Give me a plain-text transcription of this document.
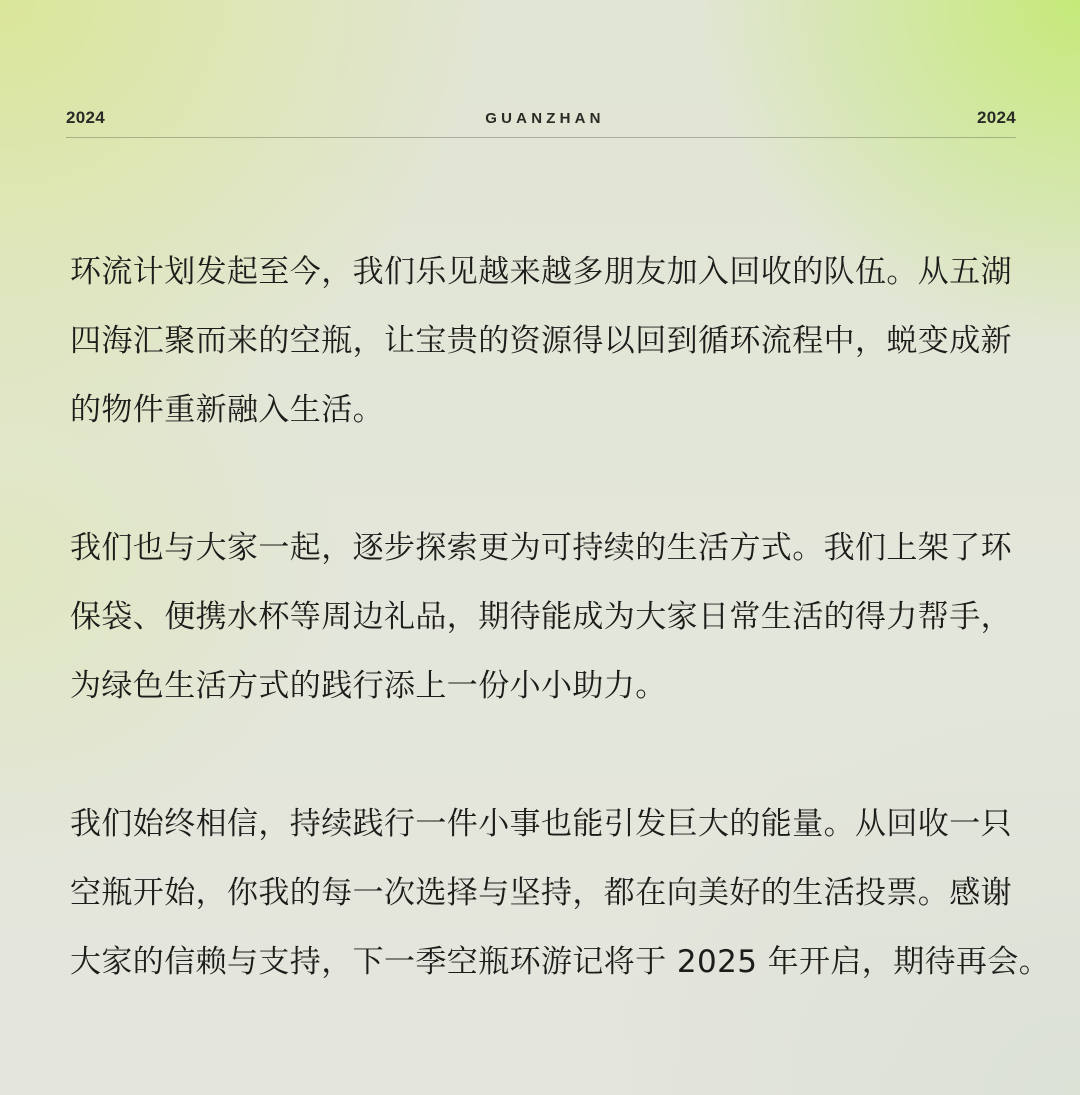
2024	GUANZHAN	2024
环流计划发起至今，我们乐见越来越多朋友加入回收的队伍。从五湖
四海汇聚而来的空瓶，让宝贵的资源得以回到循环流程中，蜕变成新
的物件重新融入生活。
我们也与大家一起，逐步探索更为可持续的生活方式。我们上架了环
保袋、便携水杯等周边礼品，期待能成为大家日常生活的得力帮手，
为绿色生活方式的践行添上一份小小助力。
我们始终相信，持续践行一件小事也能引发巨大的能量。从回收一只
空瓶开始，你我的每一次选择与坚持，都在向美好的生活投票。感谢
大家的信赖与支持，下一季空瓶环游记将于 2025 年开启，期待再会。
